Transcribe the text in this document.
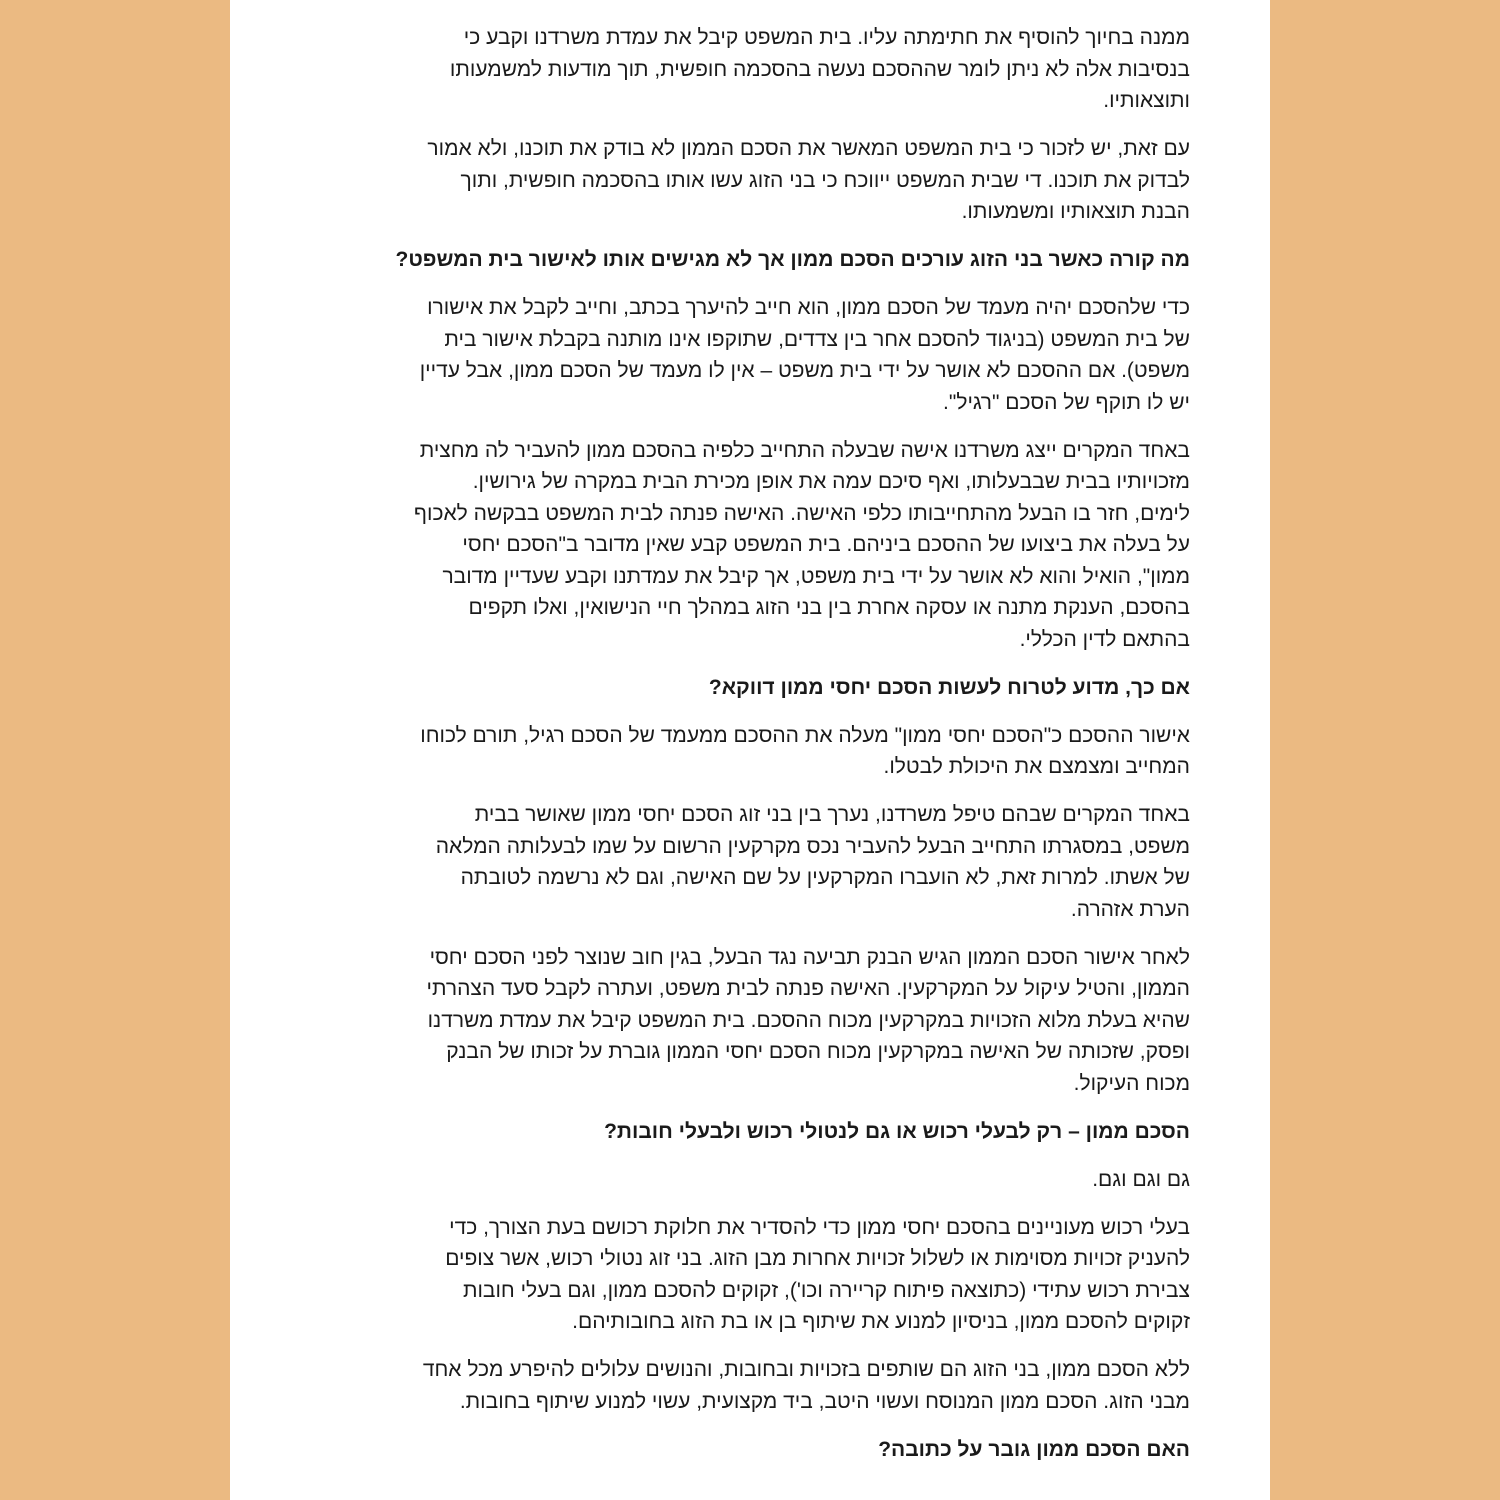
ממנה בחיוך להוסיף את חתימתה עליו. בית המשפט קיבל את עמדת משרדנו וקבע כי
בנסיבות אלה לא ניתן לומר שההסכם נעשה בהסכמה חופשית, תוך מודעות למשמעותו
ותוצאותיו.

עם זאת, יש לזכור כי בית המשפט המאשר את הסכם הממון לא בודק את תוכנו, ולא אמור
לבדוק את תוכנו. די שבית המשפט ייווכח כי בני הזוג עשו אותו בהסכמה חופשית, ותוך
הבנת תוצאותיו ומשמעותו.

מה קורה כאשר בני הזוג עורכים הסכם ממון אך לא מגישים אותו לאישור בית המשפט?

כדי שלהסכם יהיה מעמד של הסכם ממון, הוא חייב להיערך בכתב, וחייב לקבל את אישורו
של בית המשפט (בניגוד להסכם אחר בין צדדים, שתוקפו אינו מותנה בקבלת אישור בית
משפט). אם ההסכם לא אושר על ידי בית משפט – אין לו מעמד של הסכם ממון, אבל עדיין
יש לו תוקף של הסכם "רגיל".

באחד המקרים ייצג משרדנו אישה שבעלה התחייב כלפיה בהסכם ממון להעביר לה מחצית
מזכויותיו בבית שבבעלותו, ואף סיכם עמה את אופן מכירת הבית במקרה של גירושין.
לימים, חזר בו הבעל מהתחייבותו כלפי האישה. האישה פנתה לבית המשפט בבקשה לאכוף
על בעלה את ביצועו של ההסכם ביניהם. בית המשפט קבע שאין מדובר ב"הסכם יחסי
ממון", הואיל והוא לא אושר על ידי בית משפט, אך קיבל את עמדתנו וקבע שעדיין מדובר
בהסכם, הענקת מתנה או עסקה אחרת בין בני הזוג במהלך חיי הנישואין, ואלו תקפים
בהתאם לדין הכללי.

אם כך, מדוע לטרוח לעשות הסכם יחסי ממון דווקא?

אישור ההסכם כ"הסכם יחסי ממון" מעלה את ההסכם ממעמד של הסכם רגיל, תורם לכוחו
המחייב ומצמצם את היכולת לבטלו.

באחד המקרים שבהם טיפל משרדנו, נערך בין בני זוג הסכם יחסי ממון שאושר בבית
משפט, במסגרתו התחייב הבעל להעביר נכס מקרקעין הרשום על שמו לבעלותה המלאה
של אשתו. למרות זאת, לא הועברו המקרקעין על שם האישה, וגם לא נרשמה לטובתה
הערת אזהרה.

לאחר אישור הסכם הממון הגיש הבנק תביעה נגד הבעל, בגין חוב שנוצר לפני הסכם יחסי
הממון, והטיל עיקול על המקרקעין. האישה פנתה לבית משפט, ועתרה לקבל סעד הצהרתי
שהיא בעלת מלוא הזכויות במקרקעין מכוח ההסכם. בית המשפט קיבל את עמדת משרדנו
ופסק, שזכותה של האישה במקרקעין מכוח הסכם יחסי הממון גוברת על זכותו של הבנק
מכוח העיקול.

הסכם ממון – רק לבעלי רכוש או גם לנטולי רכוש ולבעלי חובות?

גם וגם וגם.

בעלי רכוש מעוניינים בהסכם יחסי ממון כדי להסדיר את חלוקת רכושם בעת הצורך, כדי
להעניק זכויות מסוימות או לשלול זכויות אחרות מבן הזוג. בני זוג נטולי רכוש, אשר צופים
צבירת רכוש עתידי (כתוצאה פיתוח קריירה וכו'), זקוקים להסכם ממון, וגם בעלי חובות
זקוקים להסכם ממון, בניסיון למנוע את שיתוף בן או בת הזוג בחובותיהם.

ללא הסכם ממון, בני הזוג הם שותפים בזכויות ובחובות, והנושים עלולים להיפרע מכל אחד
מבני הזוג. הסכם ממון המנוסח ועשוי היטב, ביד מקצועית, עשוי למנוע שיתוף בחובות.

האם הסכם ממון גובר על כתובה?
